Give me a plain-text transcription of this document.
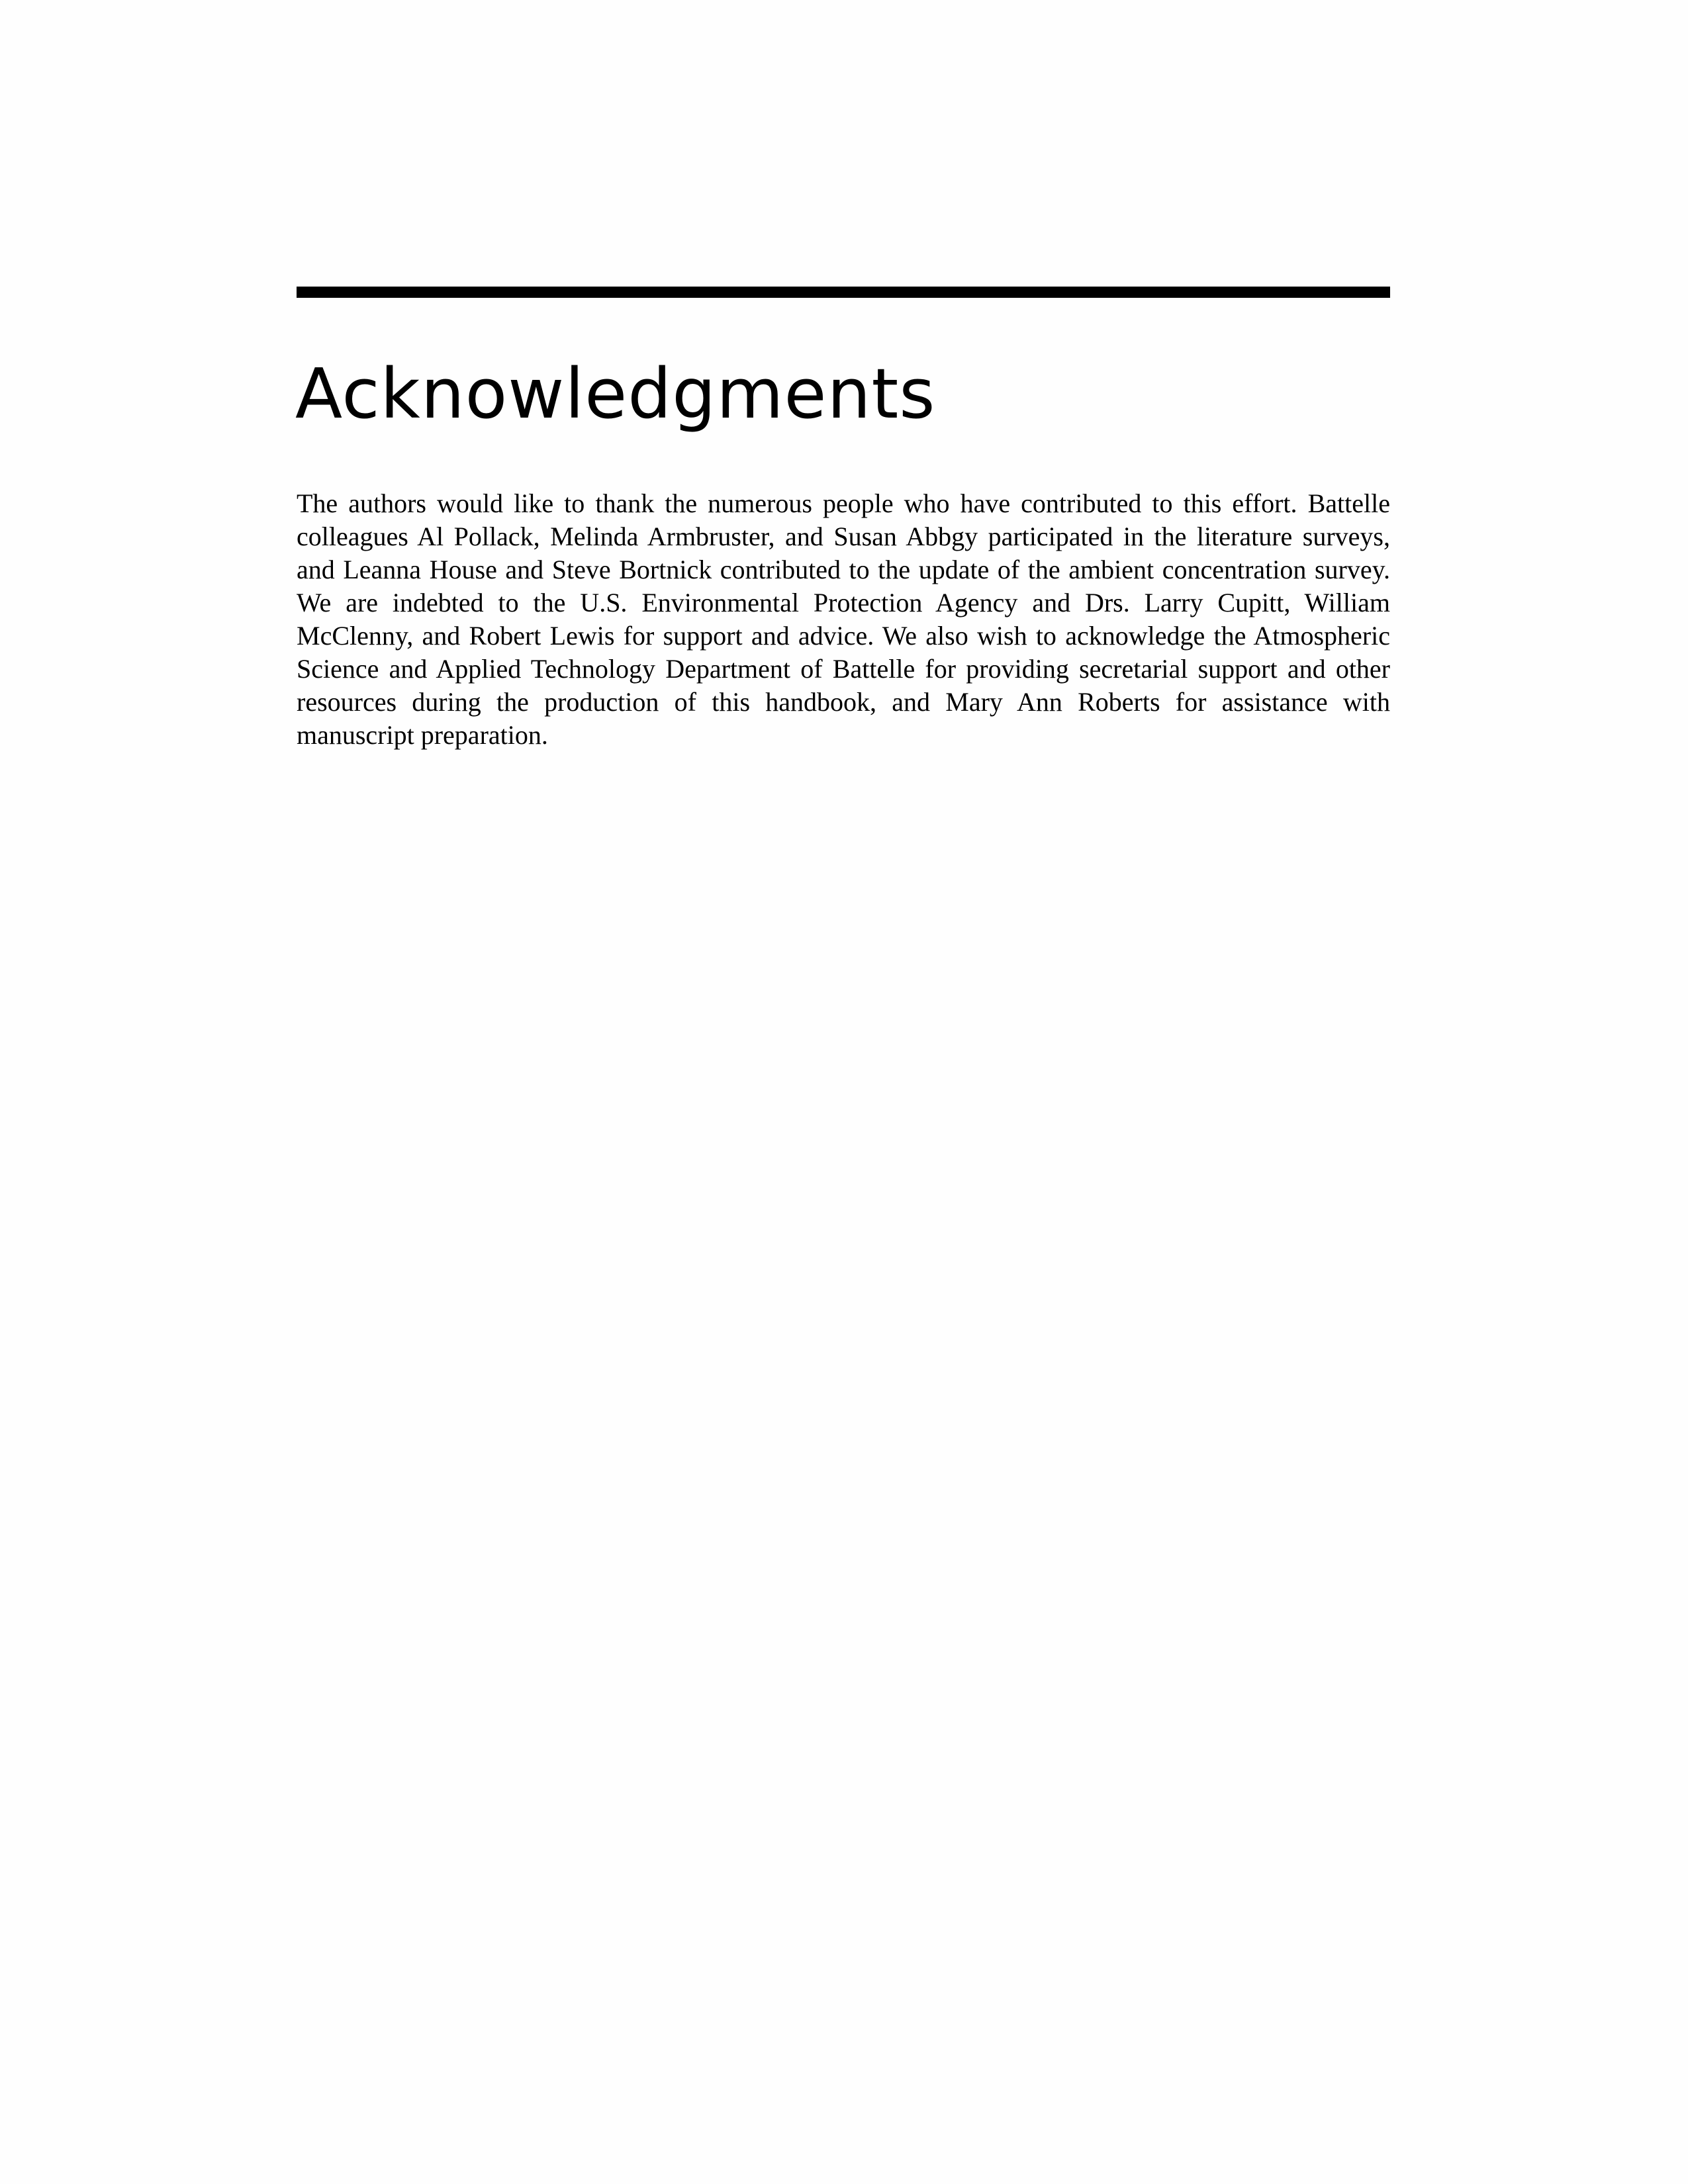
Acknowledgments

The authors would like to thank the numerous people who have contributed to this effort. Battelle colleagues Al Pollack, Melinda Armbruster, and Susan Abbgy participated in the literature surveys, and Leanna House and Steve Bortnick contributed to the update of the ambient concentration survey. We are indebted to the U.S. Environmental Protection Agency and Drs. Larry Cupitt, William McClenny, and Robert Lewis for support and advice. We also wish to acknowledge the Atmospheric Science and Applied Technology Department of Battelle for providing secretarial support and other resources during the production of this handbook, and Mary Ann Roberts for assistance with manuscript preparation.
